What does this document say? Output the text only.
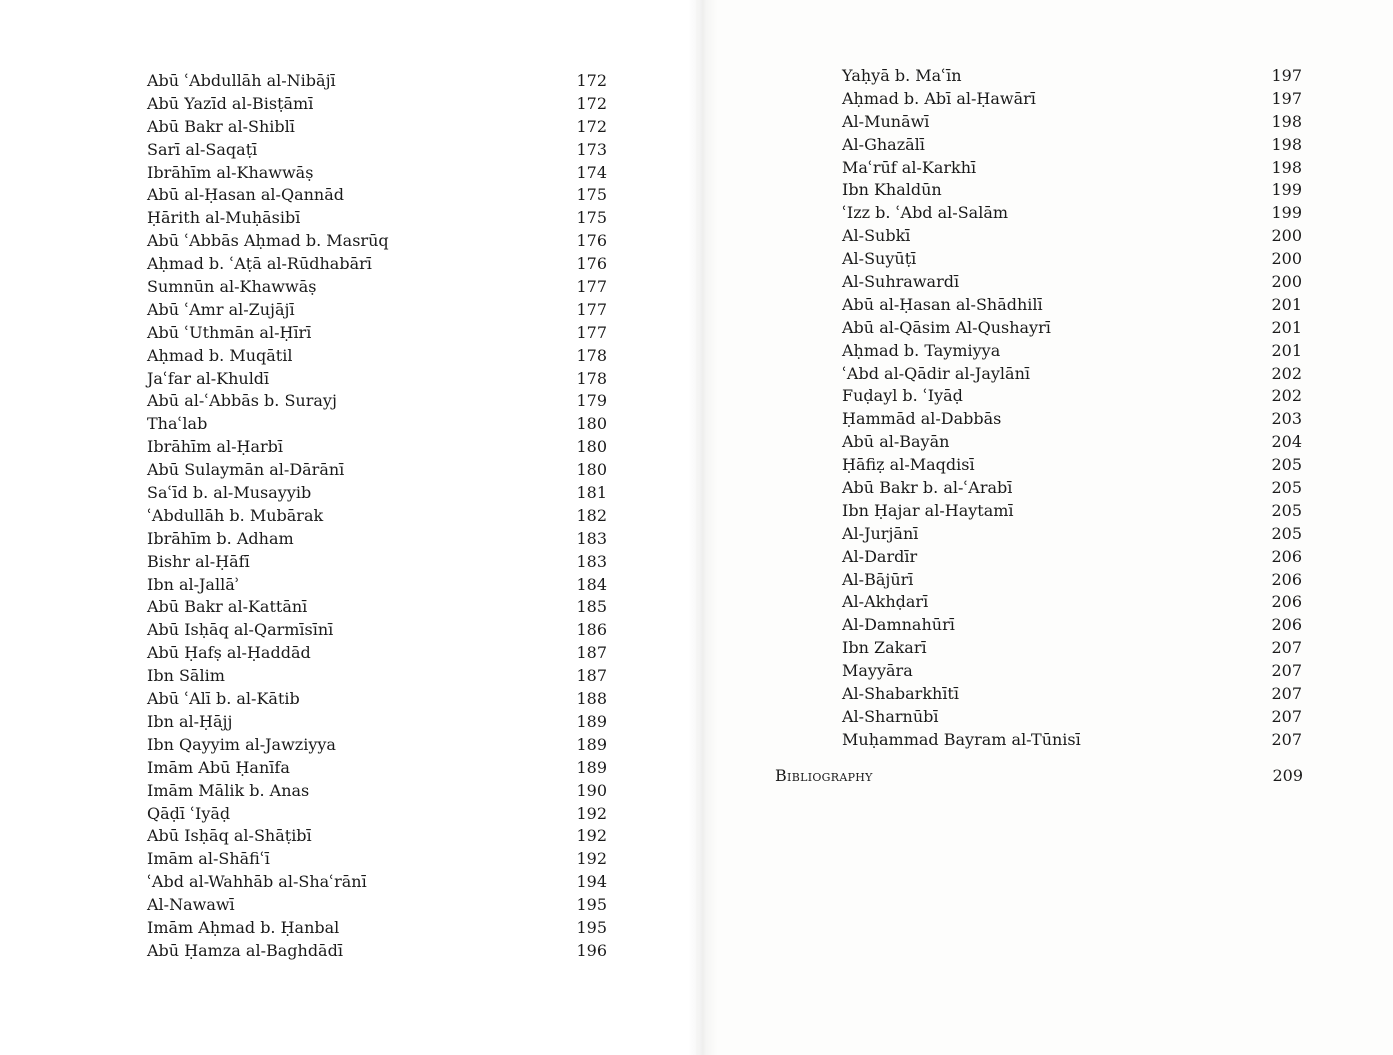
Abū ʿAbdullāh al-Nibājī	172
Abū Yazīd al-Bisṭāmī	172
Abū Bakr al-Shiblī	172
Sarī al-Saqaṭī	173
Ibrāhīm al-Khawwāṣ	174
Abū al-Ḥasan al-Qannād	175
Ḥārith al-Muḥāsibī	175
Abū ʿAbbās Aḥmad b. Masrūq	176
Aḥmad b. ʿAṭā al-Rūdhabārī	176
Sumnūn al-Khawwāṣ	177
Abū ʿAmr al-Zujājī	177
Abū ʿUthmān al-Ḥīrī	177
Aḥmad b. Muqātil	178
Jaʿfar al-Khuldī	178
Abū al-ʿAbbās b. Surayj	179
Thaʿlab	180
Ibrāhīm al-Ḥarbī	180
Abū Sulaymān al-Dārānī	180
Saʿīd b. al-Musayyib	181
ʿAbdullāh b. Mubārak	182
Ibrāhīm b. Adham	183
Bishr al-Ḥāfī	183
Ibn al-Jallāʾ	184
Abū Bakr al-Kattānī	185
Abū Isḥāq al-Qarmīsīnī	186
Abū Ḥafṣ al-Ḥaddād	187
Ibn Sālim	187
Abū ʿAlī b. al-Kātib	188
Ibn al-Ḥājj	189
Ibn Qayyim al-Jawziyya	189
Imām Abū Ḥanīfa	189
Imām Mālik b. Anas	190
Qāḍī ʿIyāḍ	192
Abū Isḥāq al-Shāṭibī	192
Imām al-Shāfiʿī	192
ʿAbd al-Wahhāb al-Shaʿrānī	194
Al-Nawawī	195
Imām Aḥmad b. Ḥanbal	195
Abū Ḥamza al-Baghdādī	196
Yaḥyā b. Maʿīn	197
Aḥmad b. Abī al-Ḥawārī	197
Al-Munāwī	198
Al-Ghazālī	198
Maʿrūf al-Karkhī	198
Ibn Khaldūn	199
ʿIzz b. ʿAbd al-Salām	199
Al-Subkī	200
Al-Suyūṭī	200
Al-Suhrawardī	200
Abū al-Ḥasan al-Shādhilī	201
Abū al-Qāsim Al-Qushayrī	201
Aḥmad b. Taymiyya	201
ʿAbd al-Qādir al-Jaylānī	202
Fuḍayl b. ʿIyāḍ	202
Ḥammād al-Dabbās	203
Abū al-Bayān	204
Ḥāfiẓ al-Maqdisī	205
Abū Bakr b. al-ʿArabī	205
Ibn Ḥajar al-Haytamī	205
Al-Jurjānī	205
Al-Dardīr	206
Al-Bājūrī	206
Al-Akhḍarī	206
Al-Damnahūrī	206
Ibn Zakarī	207
Mayyāra	207
Al-Shabarkhītī	207
Al-Sharnūbī	207
Muḥammad Bayram al-Tūnisī	207
Bibliography	209
